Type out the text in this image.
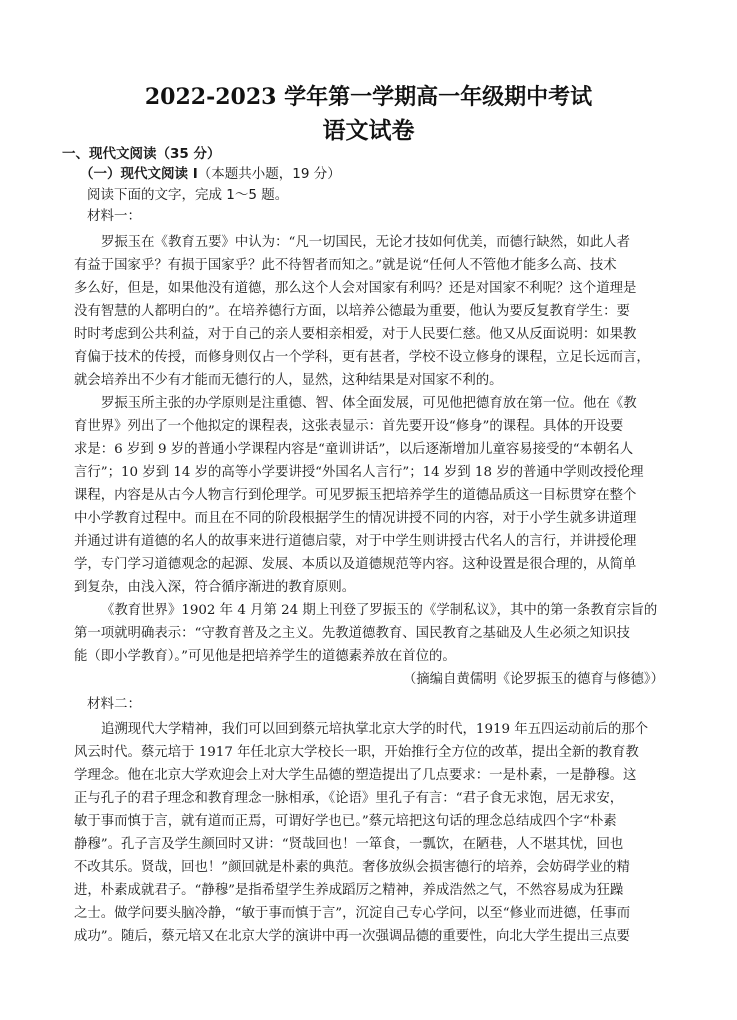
2022-2023 学年第一学期高一年级期中考试
语文试卷
一、现代文阅读（35 分）
（一）现代文阅读 I（本题共小题，19 分）
阅读下面的文字，完成 1～5 题。
材料一：
罗振玉在《教育五要》中认为：“凡一切国民，无论才技如何优美，而德行缺然，如此人者
有益于国家乎？有损于国家乎？此不待智者而知之。”就是说“任何人不管他才能多么高、技术
多么好，但是，如果他没有道德，那么这个人会对国家有利吗？还是对国家不利呢？这个道理是
没有智慧的人都明白的”。在培养德行方面，以培养公德最为重要，他认为要反复教育学生：要
时时考虑到公共利益，对于自己的亲人要相亲相爱，对于人民要仁慈。他又从反面说明：如果教
育偏于技术的传授，而修身则仅占一个学科，更有甚者，学校不设立修身的课程，立足长远而言，
就会培养出不少有才能而无德行的人，显然，这种结果是对国家不利的。
罗振玉所主张的办学原则是注重德、智、体全面发展，可见他把德育放在第一位。他在《教
育世界》列出了一个他拟定的课程表，这张表显示：首先要开设“修身”的课程。具体的开设要
求是：6 岁到 9 岁的普通小学课程内容是“童训讲话”，以后逐渐增加儿童容易接受的“本朝名人
言行”；10 岁到 14 岁的高等小学要讲授“外国名人言行”；14 岁到 18 岁的普通中学则改授伦理
课程，内容是从古今人物言行到伦理学。可见罗振玉把培养学生的道德品质这一目标贯穿在整个
中小学教育过程中。而且在不同的阶段根据学生的情况讲授不同的内容，对于小学生就多讲道理
并通过讲有道德的名人的故事来进行道德启蒙，对于中学生则讲授古代名人的言行，并讲授伦理
学，专门学习道德观念的起源、发展、本质以及道德规范等内容。这种设置是很合理的，从简单
到复杂，由浅入深，符合循序渐进的教育原则。
《教育世界》1902 年 4 月第 24 期上刊登了罗振玉的《学制私议》，其中的第一条教育宗旨的
第一项就明确表示：“守教育普及之主义。先教道德教育、国民教育之基础及人生必须之知识技
能（即小学教育）。”可见他是把培养学生的道德素养放在首位的。
（摘编自黄儒明《论罗振玉的德育与修德》）
材料二：
追溯现代大学精神，我们可以回到蔡元培执掌北京大学的时代，1919 年五四运动前后的那个
风云时代。蔡元培于 1917 年任北京大学校长一职，开始推行全方位的改革，提出全新的教育教
学理念。他在北京大学欢迎会上对大学生品德的塑造提出了几点要求：一是朴素，一是静穆。这
正与孔子的君子理念和教育理念一脉相承，《论语》里孔子有言：“君子食无求饱，居无求安，
敏于事而慎于言，就有道而正焉，可谓好学也已。”蔡元培把这句话的理念总结成四个字“朴素
静穆”。孔子言及学生颜回时又讲：“贤哉回也！一箪食，一瓢饮，在陋巷，人不堪其忧，回也
不改其乐。贤哉，回也！”颜回就是朴素的典范。奢侈放纵会损害德行的培养，会妨碍学业的精
进，朴素成就君子。“静穆”是指希望学生养成蹈厉之精神，养成浩然之气，不然容易成为狂躁
之士。做学问要头脑冷静，“敏于事而慎于言”，沉淀自己专心学问，以至“修业而进德，任事而
成功”。随后，蔡元培又在北京大学的演讲中再一次强调品德的重要性，向北大学生提出三点要
